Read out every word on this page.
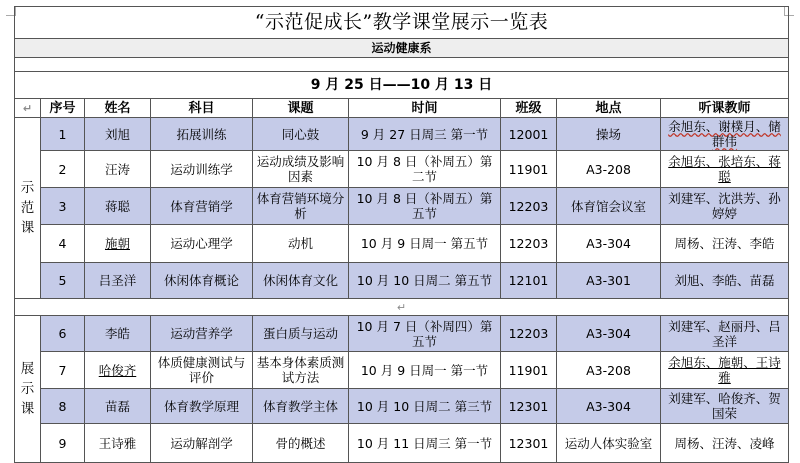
“示范促成长”教学课堂展示一览表								
运动健康系								

9 月 25 日——10 月 13 日								
↵	序号	姓名	科目	课题	时间	班级	地点	听课教师
示范课	1	刘旭	拓展训练	同心鼓	9 月 27 日周三 第一节	12001	操场	余旭东、谢樸月、储群伟
	2	汪涛	运动训练学	运动成绩及影响因素	10 月 8 日（补周五）第二节	11901	A3-208	余旭东、张培东、蒋聪
	3	蒋聪	体育营销学	体育营销环境分析	10 月 8 日（补周五）第五节	12203	体育馆会议室	刘建军、沈洪芳、孙婷婷
	4	施朝	运动心理学	动机	10 月 9 日周一 第五节	12203	A3-304	周杨、汪涛、李皓
	5	吕圣洋	休闲体育概论	休闲体育文化	10 月 10 日周二 第五节	12101	A3-301	刘旭、李皓、苗磊
↵								
展示课	6	李皓	运动营养学	蛋白质与运动	10 月 7 日（补周四）第五节	12203	A3-304	刘建军、赵丽丹、吕圣洋
	7	哈俊齐	体质健康测试与评价	基本身体素质测试方法	10 月 9 日周一 第一节	11901	A3-208	余旭东、施朝、王诗雅
	8	苗磊	体育教学原理	体育教学主体	10 月 10 日周二 第三节	12301	A3-304	刘建军、哈俊齐、贺国荣
	9	王诗雅	运动解剖学	骨的概述	10 月 11 日周三 第一节	12301	运动人体实验室	周杨、汪涛、凌峰
